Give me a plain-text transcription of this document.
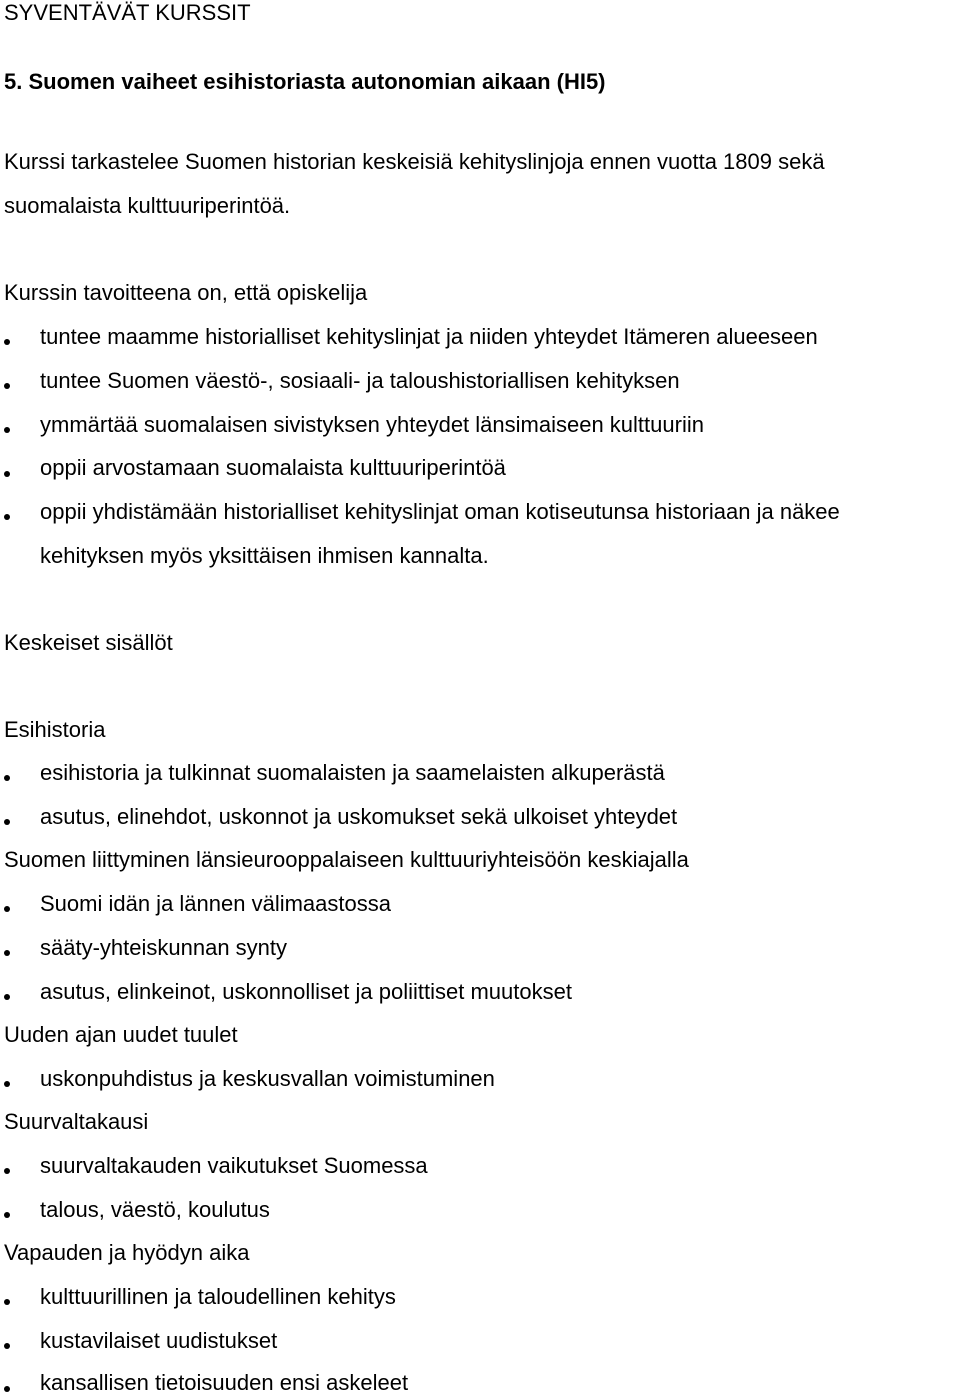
SYVENTÄVÄT KURSSIT
5. Suomen vaiheet esihistoriasta autonomian aikaan (HI5)
Kurssi tarkastelee Suomen historian keskeisiä kehityslinjoja ennen vuotta 1809 sekä
suomalaista kulttuuriperintöä.
Kurssin tavoitteena on, että opiskelija
tuntee maamme historialliset kehityslinjat ja niiden yhteydet Itämeren alueeseen
tuntee Suomen väestö-, sosiaali- ja taloushistoriallisen kehityksen
ymmärtää suomalaisen sivistyksen yhteydet länsimaiseen kulttuuriin
oppii arvostamaan suomalaista kulttuuriperintöä
oppii yhdistämään historialliset kehityslinjat oman kotiseutunsa historiaan ja näkee
kehityksen myös yksittäisen ihmisen kannalta.
Keskeiset sisällöt
Esihistoria
esihistoria ja tulkinnat suomalaisten ja saamelaisten alkuperästä
asutus, elinehdot, uskonnot ja uskomukset sekä ulkoiset yhteydet
Suomen liittyminen länsieurooppalaiseen kulttuuriyhteisöön keskiajalla
Suomi idän ja lännen välimaastossa
sääty-yhteiskunnan synty
asutus, elinkeinot, uskonnolliset ja poliittiset muutokset
Uuden ajan uudet tuulet
uskonpuhdistus ja keskusvallan voimistuminen
Suurvaltakausi
suurvaltakauden vaikutukset Suomessa
talous, väestö, koulutus
Vapauden ja hyödyn aika
kulttuurillinen ja taloudellinen kehitys
kustavilaiset uudistukset
kansallisen tietoisuuden ensi askeleet
